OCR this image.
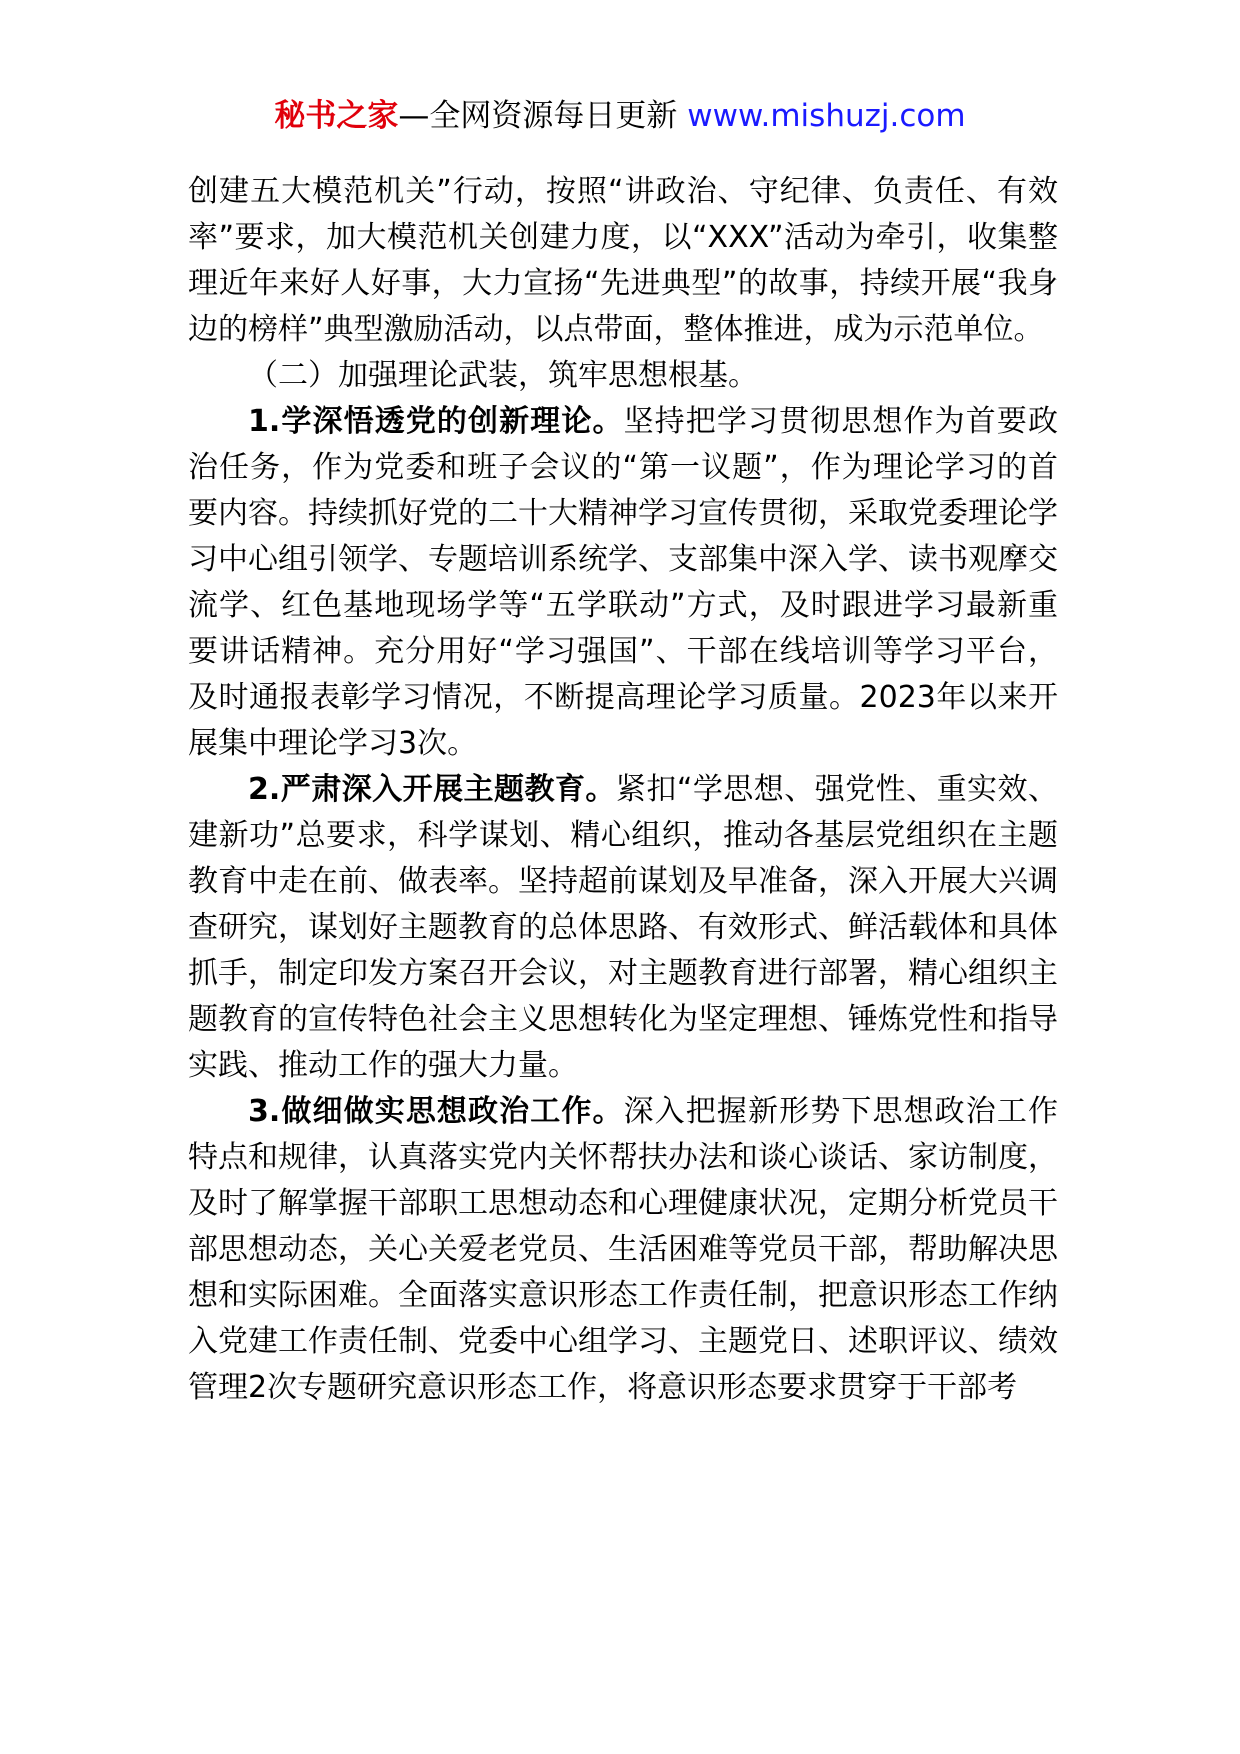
秘书之家—全网资源每日更新 www.mishuzj.com

创建五大模范机关”行动，按照“讲政治、守纪律、负责任、有效率”要求，加大模范机关创建力度，以“XXX”活动为牵引，收集整理近年来好人好事，大力宣扬“先进典型”的故事，持续开展“我身边的榜样”典型激励活动，以点带面，整体推进，成为示范单位。

（二）加强理论武装，筑牢思想根基。

1.学深悟透党的创新理论。坚持把学习贯彻思想作为首要政治任务，作为党委和班子会议的“第一议题”，作为理论学习的首要内容。持续抓好党的二十大精神学习宣传贯彻，采取党委理论学习中心组引领学、专题培训系统学、支部集中深入学、读书观摩交流学、红色基地现场学等“五学联动”方式，及时跟进学习最新重要讲话精神。充分用好“学习强国”、干部在线培训等学习平台，及时通报表彰学习情况，不断提高理论学习质量。2023年以来开展集中理论学习3次。

2.严肃深入开展主题教育。紧扣“学思想、强党性、重实效、建新功”总要求，科学谋划、精心组织，推动各基层党组织在主题教育中走在前、做表率。坚持超前谋划及早准备，深入开展大兴调查研究，谋划好主题教育的总体思路、有效形式、鲜活载体和具体抓手，制定印发方案召开会议，对主题教育进行部署，精心组织主题教育的宣传特色社会主义思想转化为坚定理想、锤炼党性和指导实践、推动工作的强大力量。

3.做细做实思想政治工作。深入把握新形势下思想政治工作特点和规律，认真落实党内关怀帮扶办法和谈心谈话、家访制度，及时了解掌握干部职工思想动态和心理健康状况，定期分析党员干部思想动态，关心关爱老党员、生活困难等党员干部，帮助解决思想和实际困难。全面落实意识形态工作责任制，把意识形态工作纳入党建工作责任制、党委中心组学习、主题党日、述职评议、绩效管理2次专题研究意识形态工作，将意识形态要求贯穿于干部考
